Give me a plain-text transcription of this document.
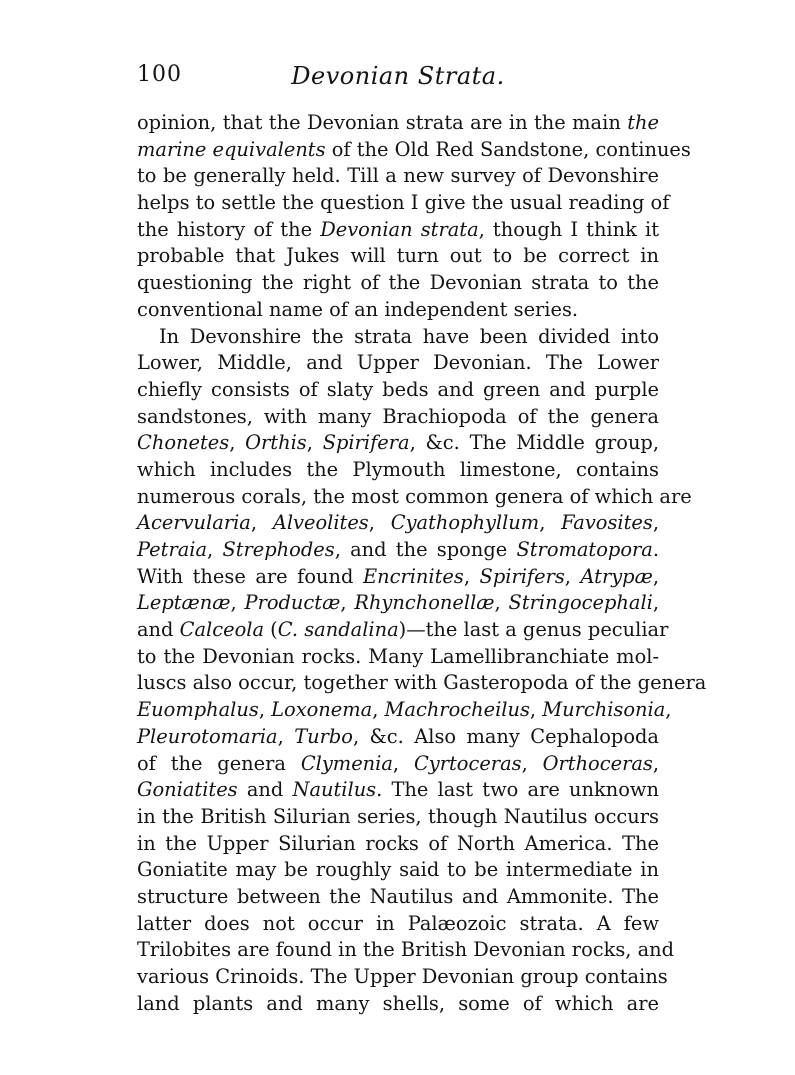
100	Devonian Strata.
opinion, that the Devonian strata are in the main the
marine equivalents of the Old Red Sandstone, continues
to be generally held. Till a new survey of Devonshire
helps to settle the question I give the usual reading of
the history of the Devonian strata, though I think it
probable that Jukes will turn out to be correct in
questioning the right of the Devonian strata to the
conventional name of an independent series.
In Devonshire the strata have been divided into
Lower, Middle, and Upper Devonian. The Lower
chiefly consists of slaty beds and green and purple
sandstones, with many Brachiopoda of the genera
Chonetes, Orthis, Spirifera, &c. The Middle group,
which includes the Plymouth limestone, contains
numerous corals, the most common genera of which are
Acervularia, Alveolites, Cyathophyllum, Favosites,
Petraia, Strephodes, and the sponge Stromatopora.
With these are found Encrinites, Spirifers, Atrypæ,
Leptænæ, Productæ, Rhynchonellæ, Stringocephali,
and Calceola (C. sandalina)—the last a genus peculiar
to the Devonian rocks. Many Lamellibranchiate mol-
luscs also occur, together with Gasteropoda of the genera
Euomphalus, Loxonema, Machrocheilus, Murchisonia,
Pleurotomaria, Turbo, &c. Also many Cephalopoda
of the genera Clymenia, Cyrtoceras, Orthoceras,
Goniatites and Nautilus. The last two are unknown
in the British Silurian series, though Nautilus occurs
in the Upper Silurian rocks of North America. The
Goniatite may be roughly said to be intermediate in
structure between the Nautilus and Ammonite. The
latter does not occur in Palæozoic strata. A few
Trilobites are found in the British Devonian rocks, and
various Crinoids. The Upper Devonian group contains
land plants and many shells, some of which are
